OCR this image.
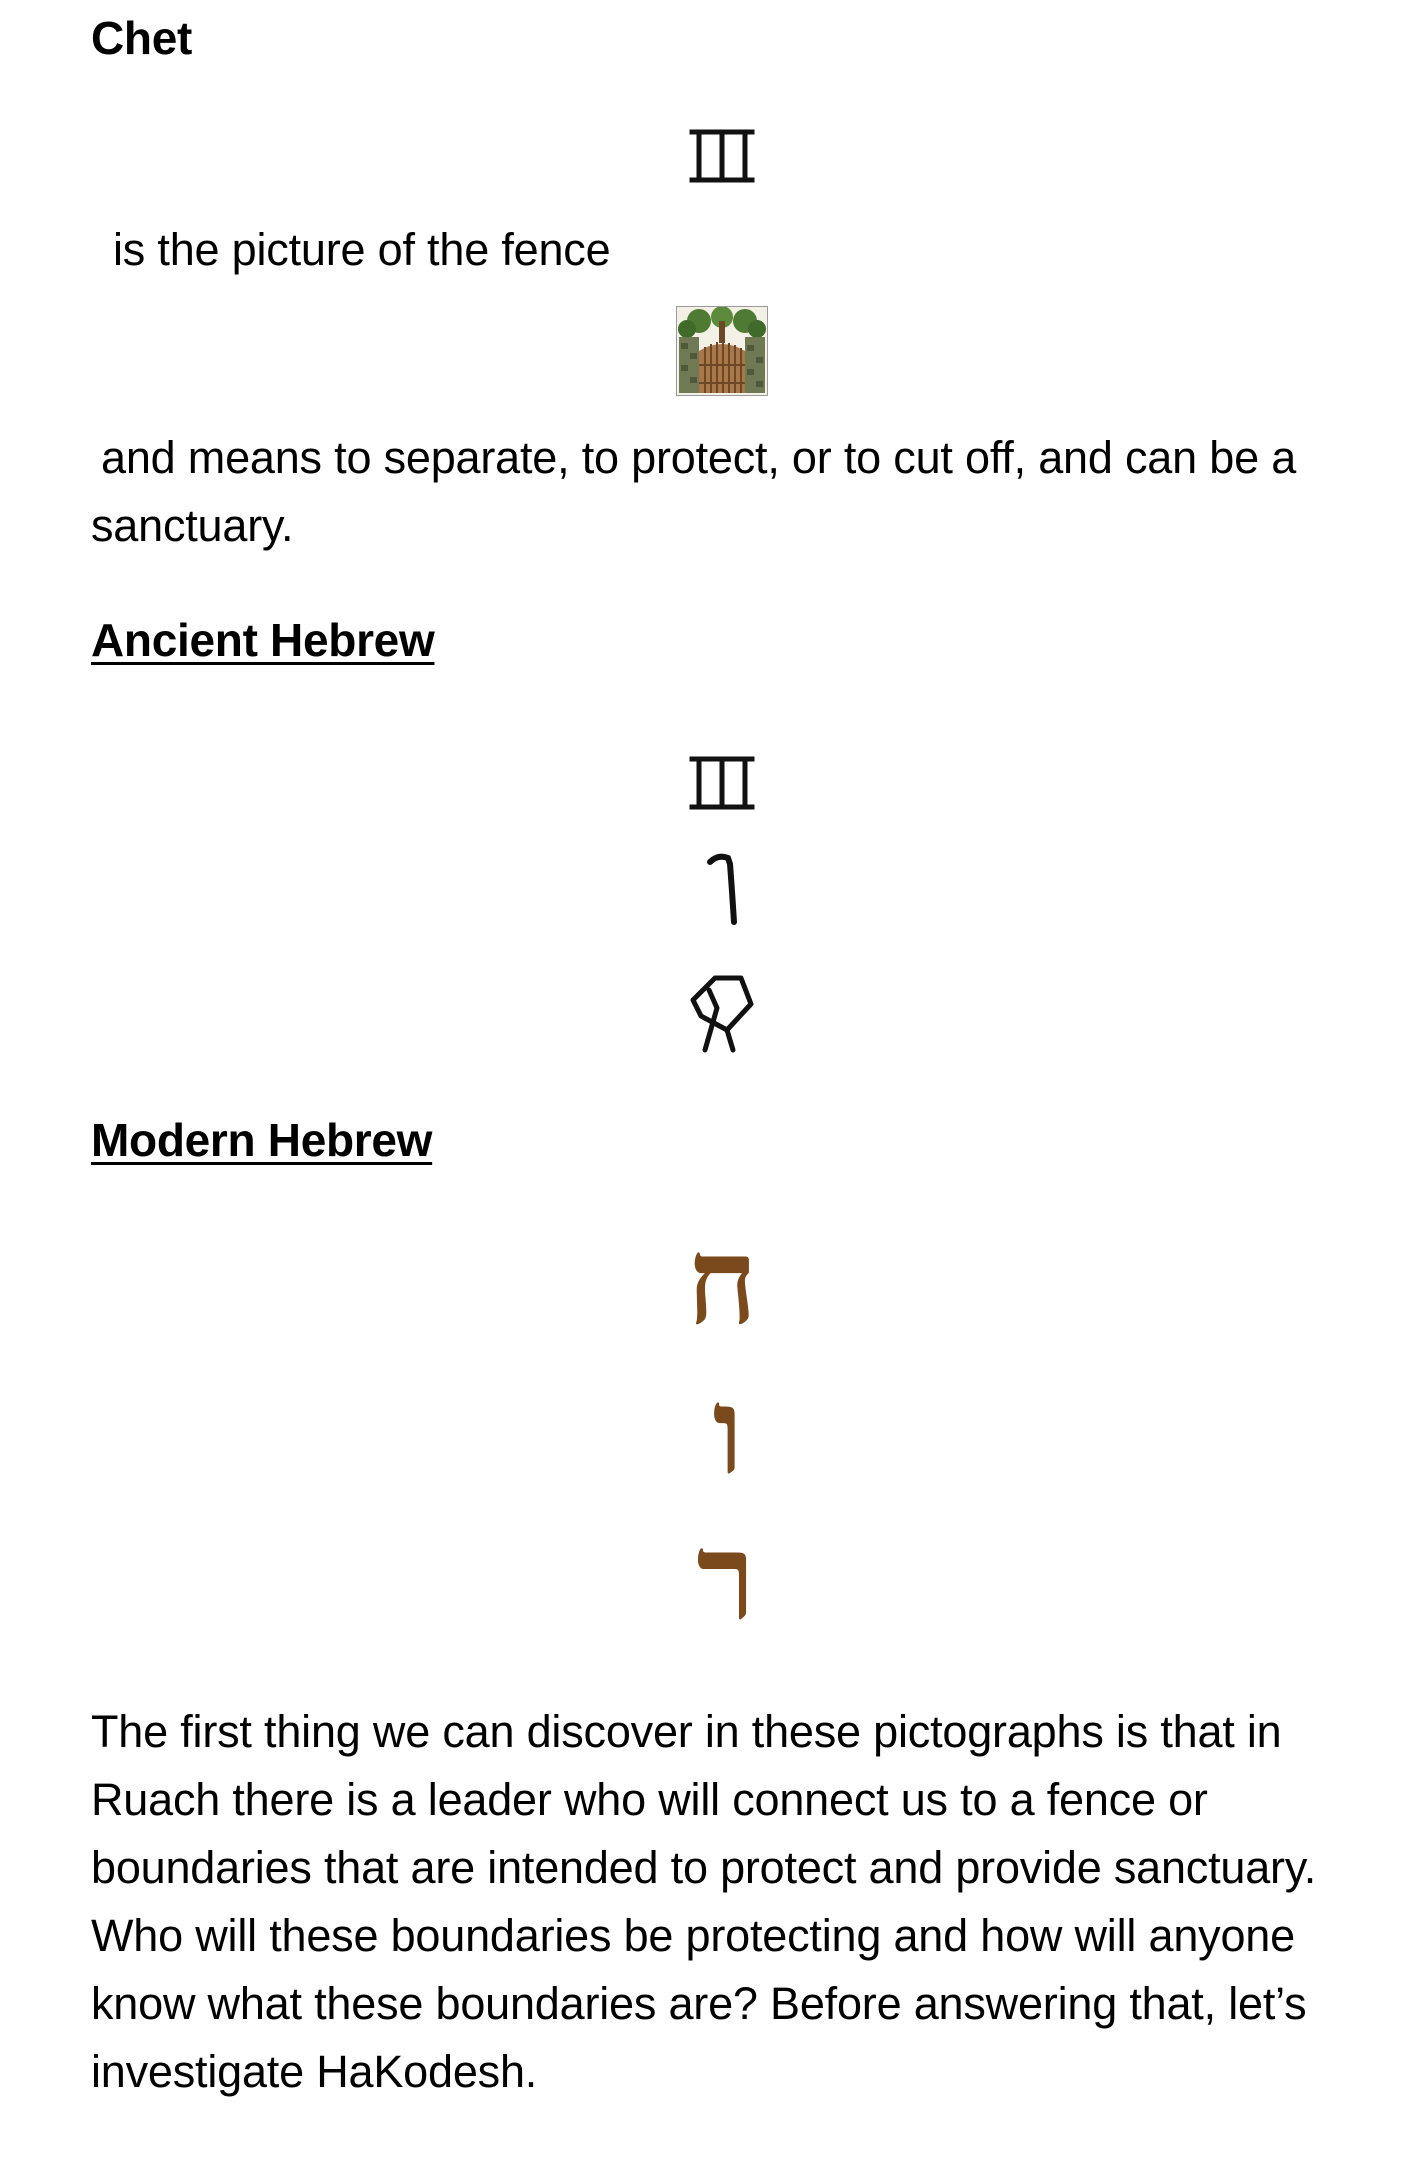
Chet
is the picture of the fence
and means to separate, to protect, or to cut off, and can be a sanctuary.
Ancient Hebrew
Modern Hebrew
ח
ו
ר
The first thing we can discover in these pictographs is that in Ruach there is a leader who will connect us to a fence or boundaries that are intended to protect and provide sanctuary. Who will these boundaries be protecting and how will anyone know what these boundaries are? Before answering that, let’s investigate HaKodesh.
